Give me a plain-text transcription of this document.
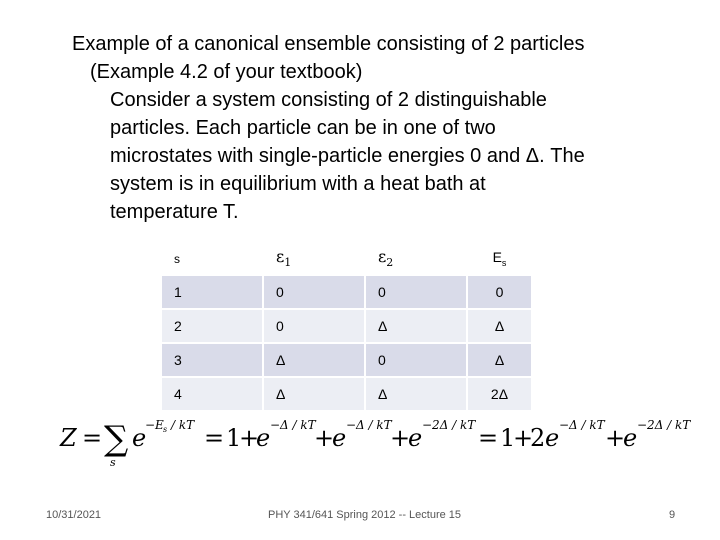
Example of a canonical ensemble consisting of 2 particles
(Example 4.2 of your textbook)
Consider a system consisting of 2 distinguishable
particles. Each particle can be in one of two
microstates with single-particle energies 0 and Δ. The
system is in equilibrium with a heat bath at
temperature T.
s	$\varepsilon_1$	$\varepsilon_2$	$E_s$
1	0	0	0
2	0	Δ	Δ
3	Δ	0	Δ
4	Δ	Δ	2Δ
Z = ∑
s
e
−E s / kT = 1
+
e −Δ / kT
+
e −Δ / kT
+
e −2Δ / kT = 1
+
2 e −Δ / kT +
e −2Δ / kT
10/31/2021	PHY 341/641 Spring 2012 -- Lecture 15	9
